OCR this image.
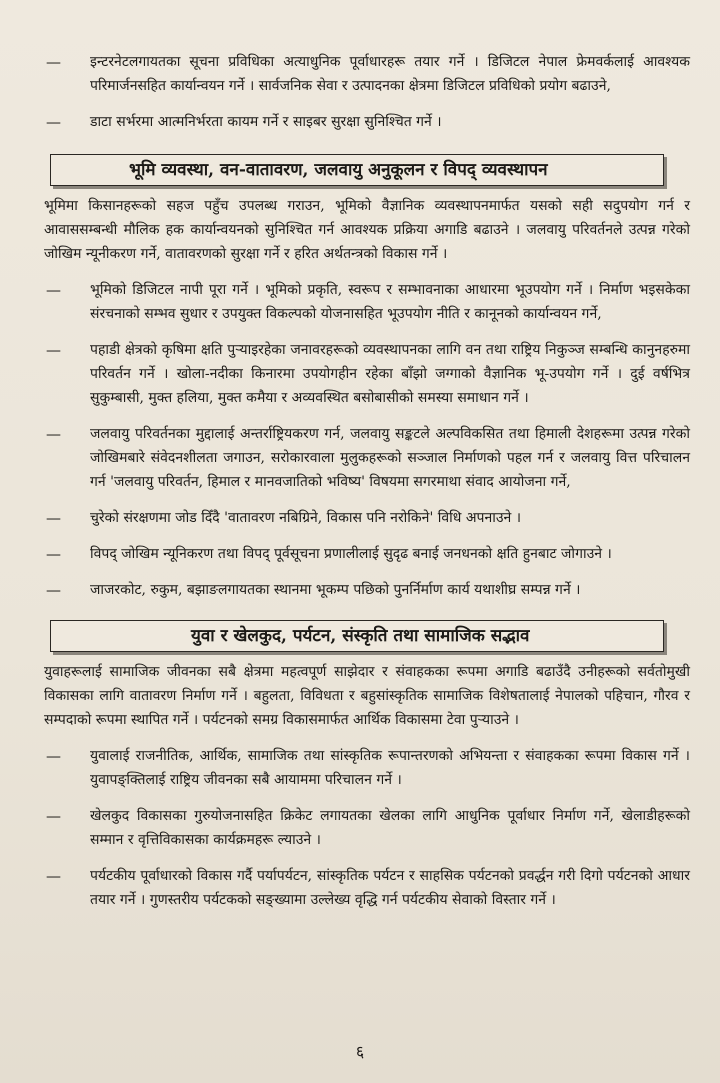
—	इन्टरनेटलगायतका सूचना प्रविधिका अत्याधुनिक पूर्वाधारहरू तयार गर्ने । डिजिटल नेपाल फ्रेमवर्कलाई आवश्यक परिमार्जनसहित कार्यान्वयन गर्ने । सार्वजनिक सेवा र उत्पादनका क्षेत्रमा डिजिटल प्रविधिको प्रयोग बढाउने,
—	डाटा सर्भरमा आत्मनिर्भरता कायम गर्ने र साइबर सुरक्षा सुनिश्चित गर्ने ।
भूमि व्यवस्था, वन-वातावरण, जलवायु अनुकूलन र विपद् व्यवस्थापन

भूमिमा किसानहरूको सहज पहुँच उपलब्ध गराउन, भूमिको वैज्ञानिक व्यवस्थापनमार्फत यसको सही सदुपयोग गर्न र आवाससम्बन्धी मौलिक हक कार्यान्वयनको सुनिश्चित गर्न आवश्यक प्रक्रिया अगाडि बढाउने । जलवायु परिवर्तनले उत्पन्न गरेको जोखिम न्यूनीकरण गर्ने, वातावरणको सुरक्षा गर्ने र हरित अर्थतन्त्रको विकास गर्ने ।

—	भूमिको डिजिटल नापी पूरा गर्ने । भूमिको प्रकृति, स्वरूप र सम्भावनाका आधारमा भूउपयोग गर्ने । निर्माण भइसकेका संरचनाको सम्भव सुधार र उपयुक्त विकल्पको योजनासहित भूउपयोग नीति र कानूनको कार्यान्वयन गर्ने,
—	पहाडी क्षेत्रको कृषिमा क्षति पुऱ्याइरहेका जनावरहरूको व्यवस्थापनका लागि वन तथा राष्ट्रिय निकुञ्ज सम्बन्धि कानुनहरुमा परिवर्तन गर्ने । खोला-नदीका किनारमा उपयोगहीन रहेका बाँझो जग्गाको वैज्ञानिक भू-उपयोग गर्ने । दुई वर्षभित्र सुकुम्बासी, मुक्त हलिया, मुक्त कमैया र अव्यवस्थित बसोबासीको समस्या समाधान गर्ने ।
—	जलवायु परिवर्तनका मुद्दालाई अन्तर्राष्ट्रियकरण गर्न, जलवायु सङ्कटले अल्पविकसित तथा हिमाली देशहरूमा उत्पन्न गरेको जोखिमबारे संवेदनशीलता जगाउन, सरोकारवाला मुलुकहरूको सञ्जाल निर्माणको पहल गर्न र जलवायु वित्त परिचालन गर्न 'जलवायु परिवर्तन, हिमाल र मानवजातिको भविष्य' विषयमा सगरमाथा संवाद आयोजना गर्ने,
—	चुरेको संरक्षणमा जोड दिँदै 'वातावरण नबिग्रिने, विकास पनि नरोकिने' विधि अपनाउने ।
—	विपद् जोखिम न्यूनिकरण तथा विपद् पूर्वसूचना प्रणालीलाई सुदृढ बनाई जनधनको क्षति हुनबाट जोगाउने ।
—	जाजरकोट, रुकुम, बझाङलगायतका स्थानमा भूकम्प पछिको पुनर्निर्माण कार्य यथाशीघ्र सम्पन्न गर्ने ।
युवा र खेलकुद, पर्यटन, संस्कृति तथा सामाजिक सद्भाव

युवाहरूलाई सामाजिक जीवनका सबै क्षेत्रमा महत्वपूर्ण साझेदार र संवाहकका रूपमा अगाडि बढाउँदै उनीहरूको सर्वतोमुखी विकासका लागि वातावरण निर्माण गर्ने । बहुलता, विविधता र बहुसांस्कृतिक सामाजिक विशेषतालाई नेपालको पहिचान, गौरव र सम्पदाको रूपमा स्थापित गर्ने । पर्यटनको समग्र विकासमार्फत आर्थिक विकासमा टेवा पुऱ्याउने ।

—	युवालाई राजनीतिक, आर्थिक, सामाजिक तथा सांस्कृतिक रूपान्तरणको अभियन्ता र संवाहकका रूपमा विकास गर्ने । युवापङ्क्तिलाई राष्ट्रिय जीवनका सबै आयाममा परिचालन गर्ने ।
—	खेलकुद विकासका गुरुयोजनासहित क्रिकेट लगायतका खेलका लागि आधुनिक पूर्वाधार निर्माण गर्ने, खेलाडीहरूको सम्मान र वृत्तिविकासका कार्यक्रमहरू ल्याउने ।
—	पर्यटकीय पूर्वाधारको विकास गर्दै पर्यापर्यटन, सांस्कृतिक पर्यटन र साहसिक पर्यटनको प्रवर्द्धन गरी दिगो पर्यटनको आधार तयार गर्ने । गुणस्तरीय पर्यटकको सङ्ख्यामा उल्लेख्य वृद्धि गर्न पर्यटकीय सेवाको विस्तार गर्ने ।
६
